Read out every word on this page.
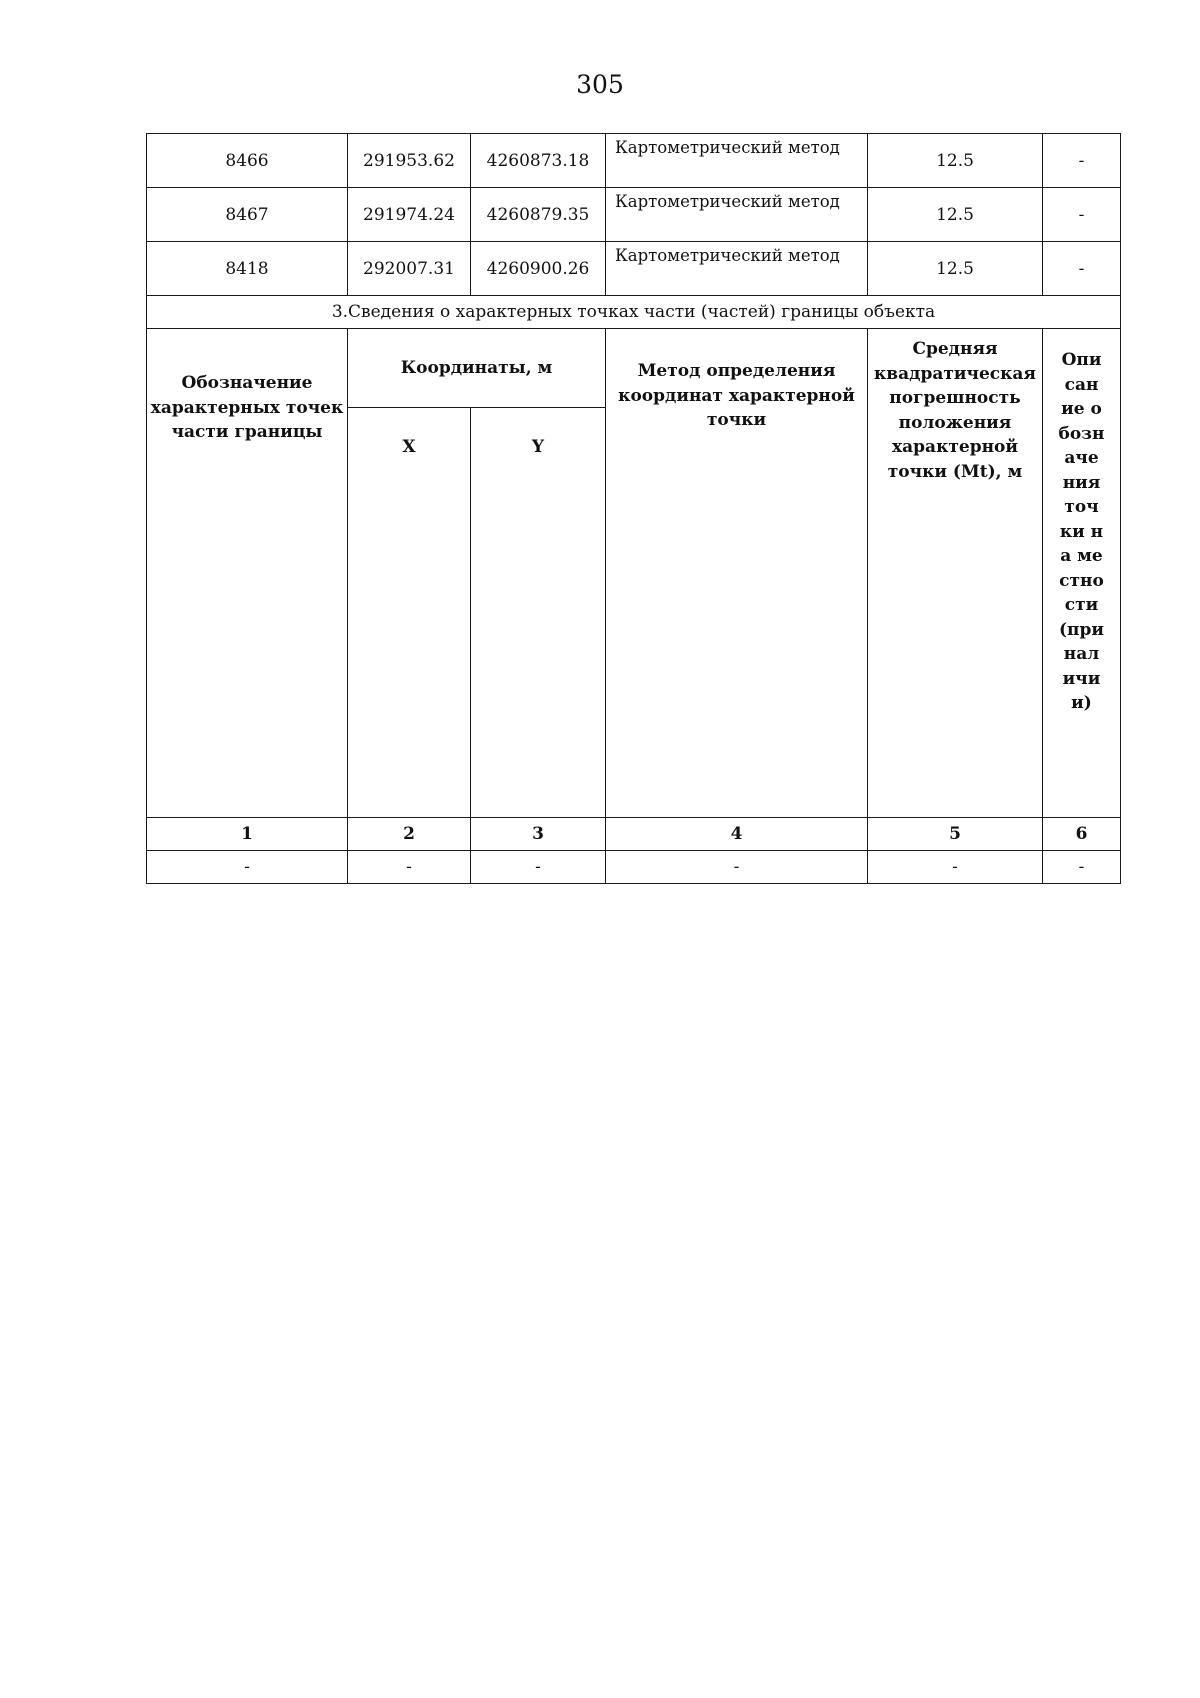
305
8466	291953.62	4260873.18	Картометрический метод	12.5	-
8467	291974.24	4260879.35	Картометрический метод	12.5	-
8418	292007.31	4260900.26	Картометрический метод	12.5	-
3.Сведения о характерных точках части (частей) границы объекта					
Обозначение характерных точек части границы	Координаты, м		Метод определения координат характерной точки	Средняя квадратическая погрешность положения характерной точки (Mt), м	Описание обозначения точки на местности (при наличии)

	X	Y			
1	2	3	4	5	6
-	-	-	-	-	-
